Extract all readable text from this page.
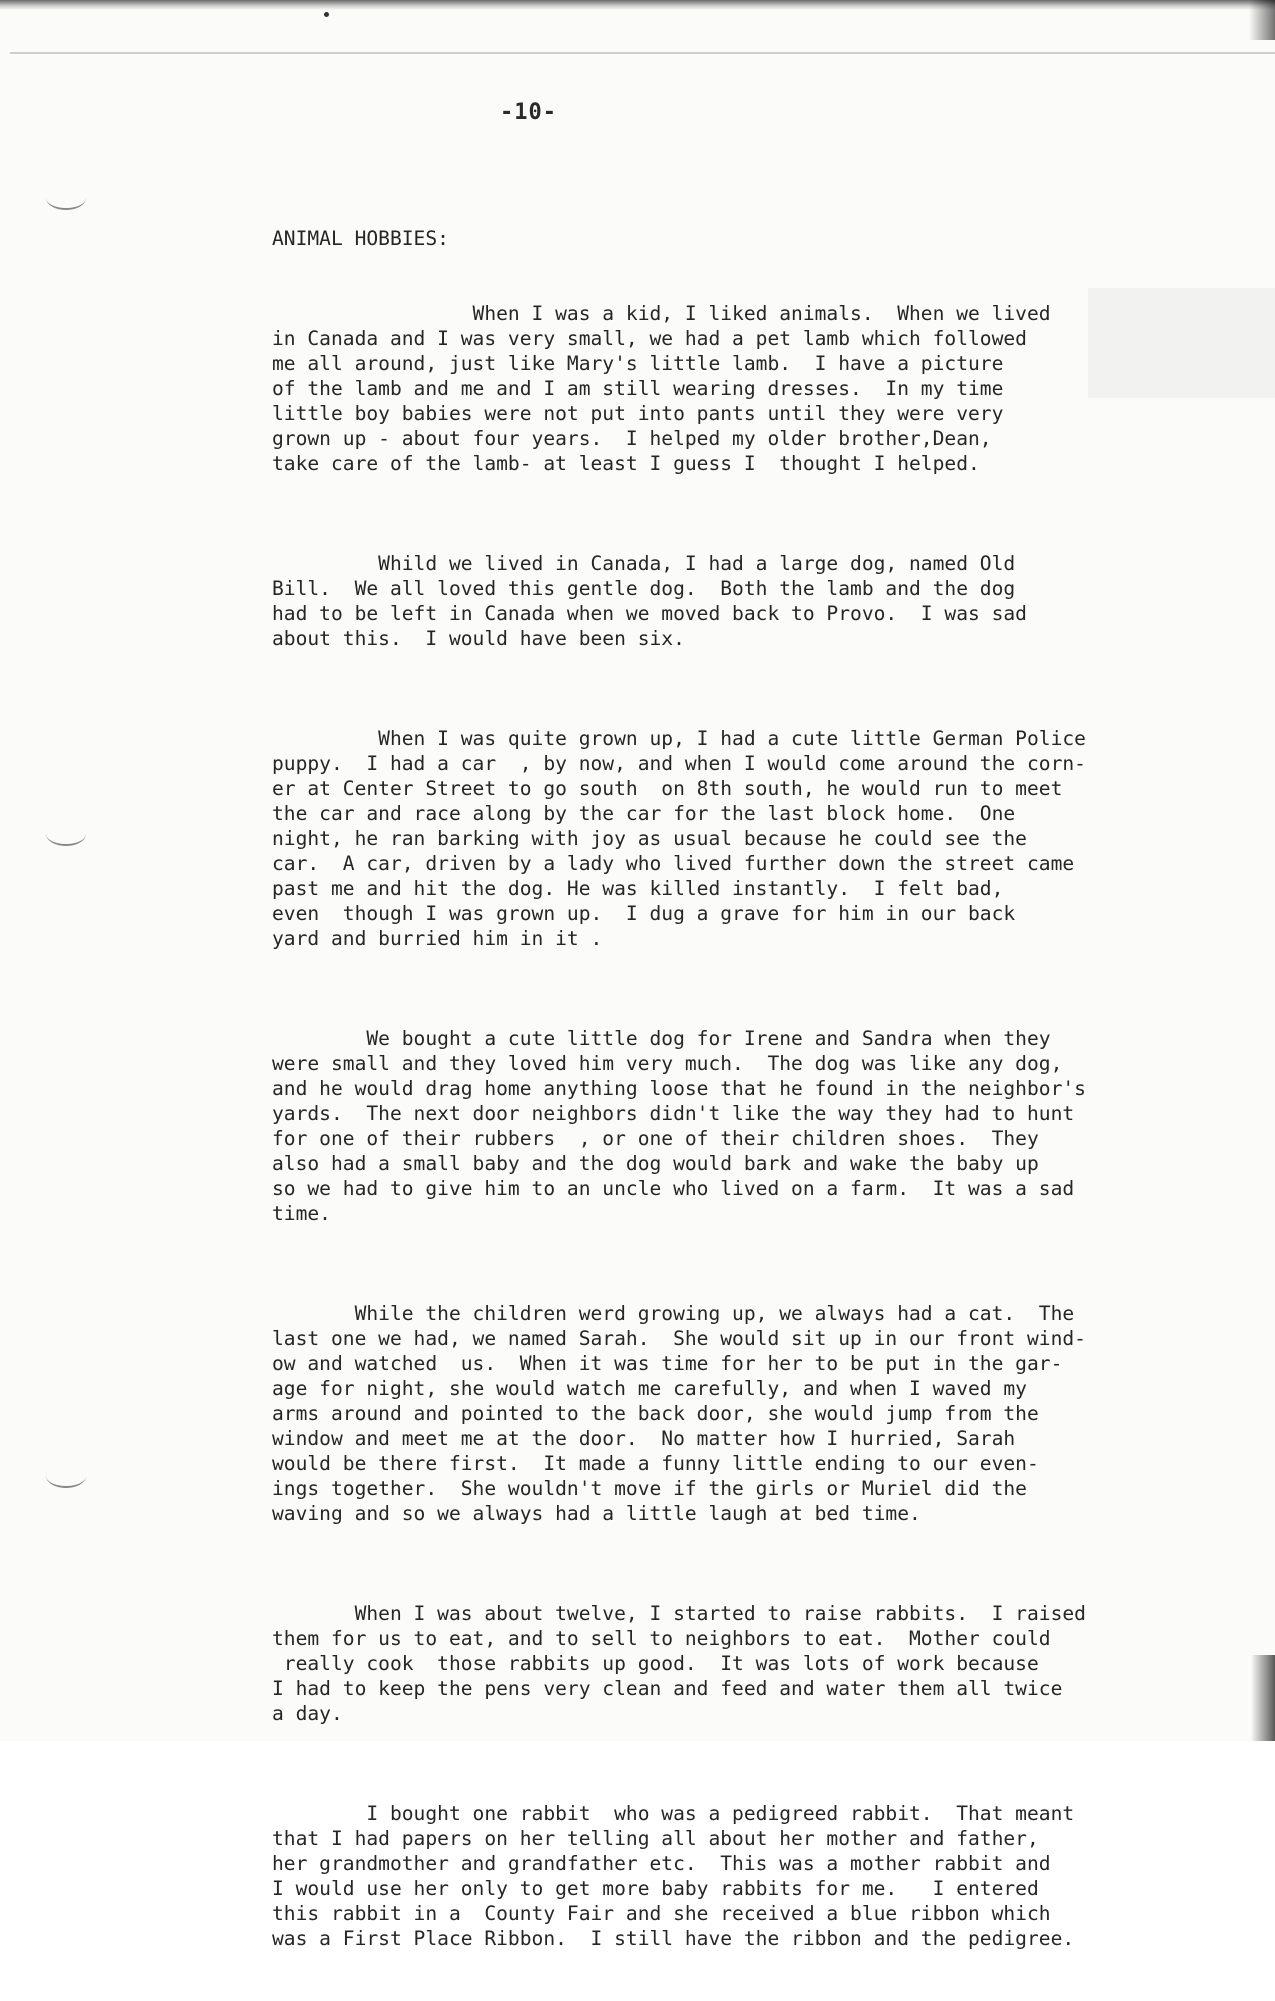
-10-

ANIMAL HOBBIES:

When I was a kid, I liked animals.  When we lived
in Canada and I was very small, we had a pet lamb which followed
me all around, just like Mary's little lamb.  I have a picture
of the lamb and me and I am still wearing dresses.  In my time
little boy babies were not put into pants until they were very
grown up - about four years.  I helped my older brother,Dean,
take care of the lamb- at least I guess I  thought I helped.

Whild we lived in Canada, I had a large dog, named Old
Bill.  We all loved this gentle dog.  Both the lamb and the dog
had to be left in Canada when we moved back to Provo.  I was sad
about this.  I would have been six.

When I was quite grown up, I had a cute little German Police
puppy.  I had a car  , by now, and when I would come around the corn-
er at Center Street to go south  on 8th south, he would run to meet
the car and race along by the car for the last block home.  One
night, he ran barking with joy as usual because he could see the
car.  A car, driven by a lady who lived further down the street came
past me and hit the dog. He was killed instantly.  I felt bad,
even  though I was grown up.  I dug a grave for him in our back
yard and burried him in it .

We bought a cute little dog for Irene and Sandra when they
were small and they loved him very much.  The dog was like any dog,
and he would drag home anything loose that he found in the neighbor's
yards.  The next door neighbors didn't like the way they had to hunt
for one of their rubbers  , or one of their children shoes.  They
also had a small baby and the dog would bark and wake the baby up
so we had to give him to an uncle who lived on a farm.  It was a sad
time.

While the children werd growing up, we always had a cat.  The
last one we had, we named Sarah.  She would sit up in our front wind-
ow and watched  us.  When it was time for her to be put in the gar-
age for night, she would watch me carefully, and when I waved my
arms around and pointed to the back door, she would jump from the
window and meet me at the door.  No matter how I hurried, Sarah
would be there first.  It made a funny little ending to our even-
ings together.  She wouldn't move if the girls or Muriel did the
waving and so we always had a little laugh at bed time.

When I was about twelve, I started to raise rabbits.  I raised
them for us to eat, and to sell to neighbors to eat.  Mother could
really cook  those rabbits up good.  It was lots of work because
I had to keep the pens very clean and feed and water them all twice
a day.

I bought one rabbit  who was a pedigreed rabbit.  That meant
that I had papers on her telling all about her mother and father,
her grandmother and grandfather etc.  This was a mother rabbit and
I would use her only to get more baby rabbits for me.   I entered
this rabbit in a  County Fair and she received a blue ribbon which
was a First Place Ribbon.  I still have the ribbon and the pedigree.
